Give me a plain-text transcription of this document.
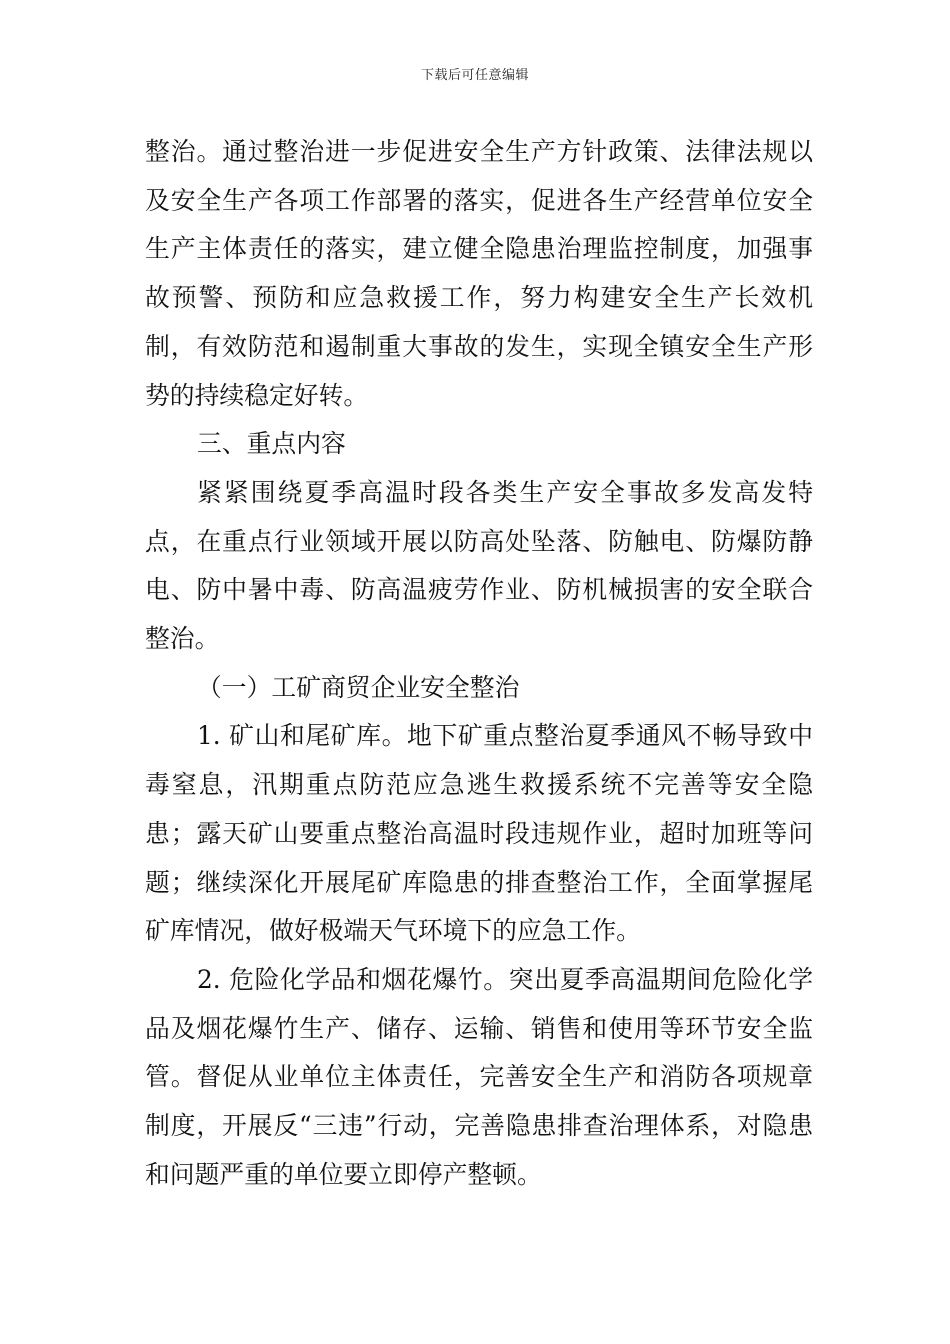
下载后可任意编辑

整治。通过整治进一步促进安全生产方针政策、法律法规以及安全生产各项工作部署的落实，促进各生产经营单位安全生产主体责任的落实，建立健全隐患治理监控制度，加强事故预警、预防和应急救援工作，努力构建安全生产长效机制，有效防范和遏制重大事故的发生，实现全镇安全生产形势的持续稳定好转。

三、重点内容

紧紧围绕夏季高温时段各类生产安全事故多发高发特点，在重点行业领域开展以防高处坠落、防触电、防爆防静电、防中暑中毒、防高温疲劳作业、防机械损害的安全联合整治。

（一）工矿商贸企业安全整治

1. 矿山和尾矿库。地下矿重点整治夏季通风不畅导致中毒窒息，汛期重点防范应急逃生救援系统不完善等安全隐患；露天矿山要重点整治高温时段违规作业，超时加班等问题；继续深化开展尾矿库隐患的排查整治工作，全面掌握尾矿库情况，做好极端天气环境下的应急工作。

2. 危险化学品和烟花爆竹。突出夏季高温期间危险化学品及烟花爆竹生产、储存、运输、销售和使用等环节安全监管。督促从业单位主体责任，完善安全生产和消防各项规章制度，开展反“三违”行动，完善隐患排查治理体系，对隐患和问题严重的单位要立即停产整顿。
